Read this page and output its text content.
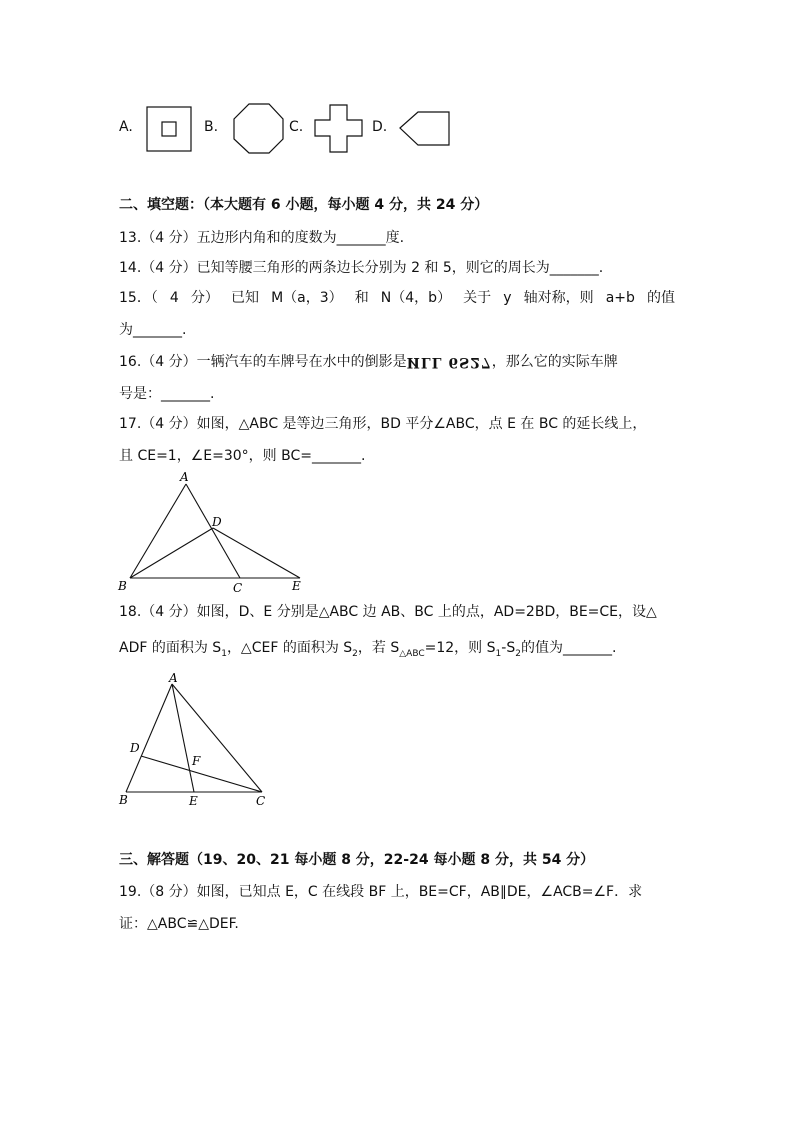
A.	B.	C.	D.
二、填空题：（本大题有 6 小题，每小题 4 分，共 24 分）
13.（4 分）五边形内角和的度数为_______度.
14.（4 分）已知等腰三角形的两条边长分别为 2 和 5，则它的周长为_______.
15．（ 4 分） 已知 M（a，3） 和 N（4，b） 关于 y 轴对称，则 a+b 的值
为_______.
16.（4 分）一辆汽车的车牌号在水中的倒影是ИLL 6S27，那么它的实际车牌
号是：_______.
17.（4 分）如图，△ABC 是等边三角形，BD 平分∠ABC，点 E 在 BC 的延长线上，
且 CE=1，∠E=30°，则 BC=_______.
A
B	C
D
E
18.（4 分）如图，D、E 分别是△ABC 边 AB、BC 上的点，AD=2BD，BE=CE，设△
ADF 的面积为 $S_1$，△CEF 的面积为 $S_2$，若 $S_{\triangle ABC}=12$，则 $S_1-S_2$的值为_______.
A
B	C
D
E
F
三、解答题（19、20、21 每小题 8 分，22-24 每小题 8 分，共 54 分）
19.（8 分）如图，已知点 E，C 在线段 BF 上，BE=CF，AB∥DE，∠ACB=∠F．求
证：△ABC≌△DEF.
